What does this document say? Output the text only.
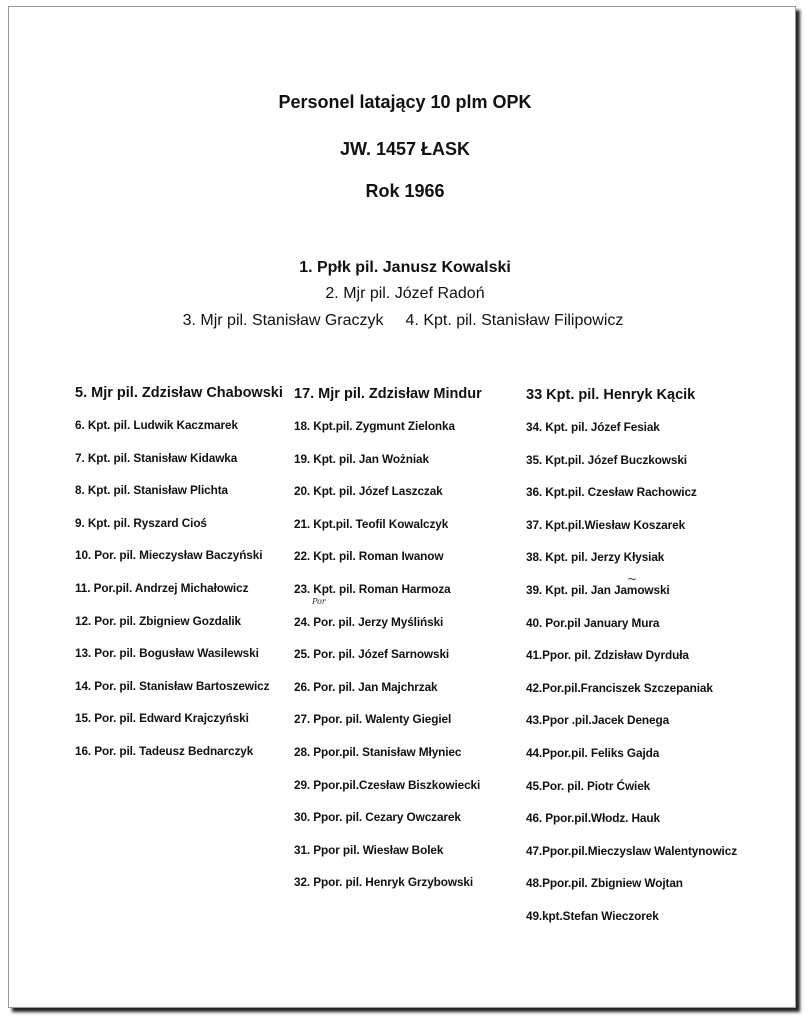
Personel latający 10 plm OPK
JW. 1457 ŁASK
Rok 1966
1. Ppłk pil. Janusz Kowalski
2. Mjr pil. Józef Radoń
3. Mjr pil. Stanisław Graczyk 4. Kpt. pil. Stanisław Filipowicz
5. Mjr pil. Zdzisław Chabowski
6. Kpt. pil. Ludwik Kaczmarek
7. Kpt. pil. Stanisław Kidawka
8. Kpt. pil. Stanisław Plichta
9. Kpt. pil. Ryszard Cioś
10. Por. pil. Mieczysław Baczyński
11. Por.pil. Andrzej Michałowicz
12. Por. pil. Zbigniew Gozdalik
13. Por. pil. Bogusław Wasilewski
14. Por. pil. Stanisław Bartoszewicz
15. Por. pil. Edward Krajczyński
16. Por. pil. Tadeusz Bednarczyk
17. Mjr pil. Zdzisław Mindur
18. Kpt.pil. Zygmunt Zielonka
19. Kpt. pil. Jan Wożniak
20. Kpt. pil. Józef Laszczak
21. Kpt.pil. Teofil Kowalczyk
22. Kpt. pil. Roman Iwanow
23. Kpt. pil. Roman Harmoza
24. Por. pil. Jerzy Myśliński
25. Por. pil. Józef Sarnowski
26. Por. pil. Jan Majchrzak
27. Ppor. pil. Walenty Giegiel
28. Ppor.pil. Stanisław Młyniec
29. Ppor.pil.Czesław Biszkowiecki
30. Ppor. pil. Cezary Owczarek
31. Ppor pil. Wiesław Bolek
32. Ppor. pil. Henryk Grzybowski
33 Kpt. pil. Henryk Kącik
34. Kpt. pil. Józef Fesiak
35. Kpt.pil. Józef Buczkowski
36. Kpt.pil. Czesław Rachowicz
37. Kpt.pil.Wiesław Koszarek
38. Kpt. pil. Jerzy Kłysiak
39. Kpt. pil. Jan Jamowski
40. Por.pil January Mura
41.Ppor. pil. Zdzisław Dyrduła
42.Por.pil.Franciszek Szczepaniak
43.Ppor .pil.Jacek Denega
44.Ppor.pil. Feliks Gajda
45.Por. pil. Piotr Ćwiek
46. Ppor.pil.Włodz. Hauk
47.Ppor.pil.Mieczyslaw Walentynowicz
48.Ppor.pil. Zbigniew Wojtan
49.kpt.Stefan Wieczorek
Por
~
